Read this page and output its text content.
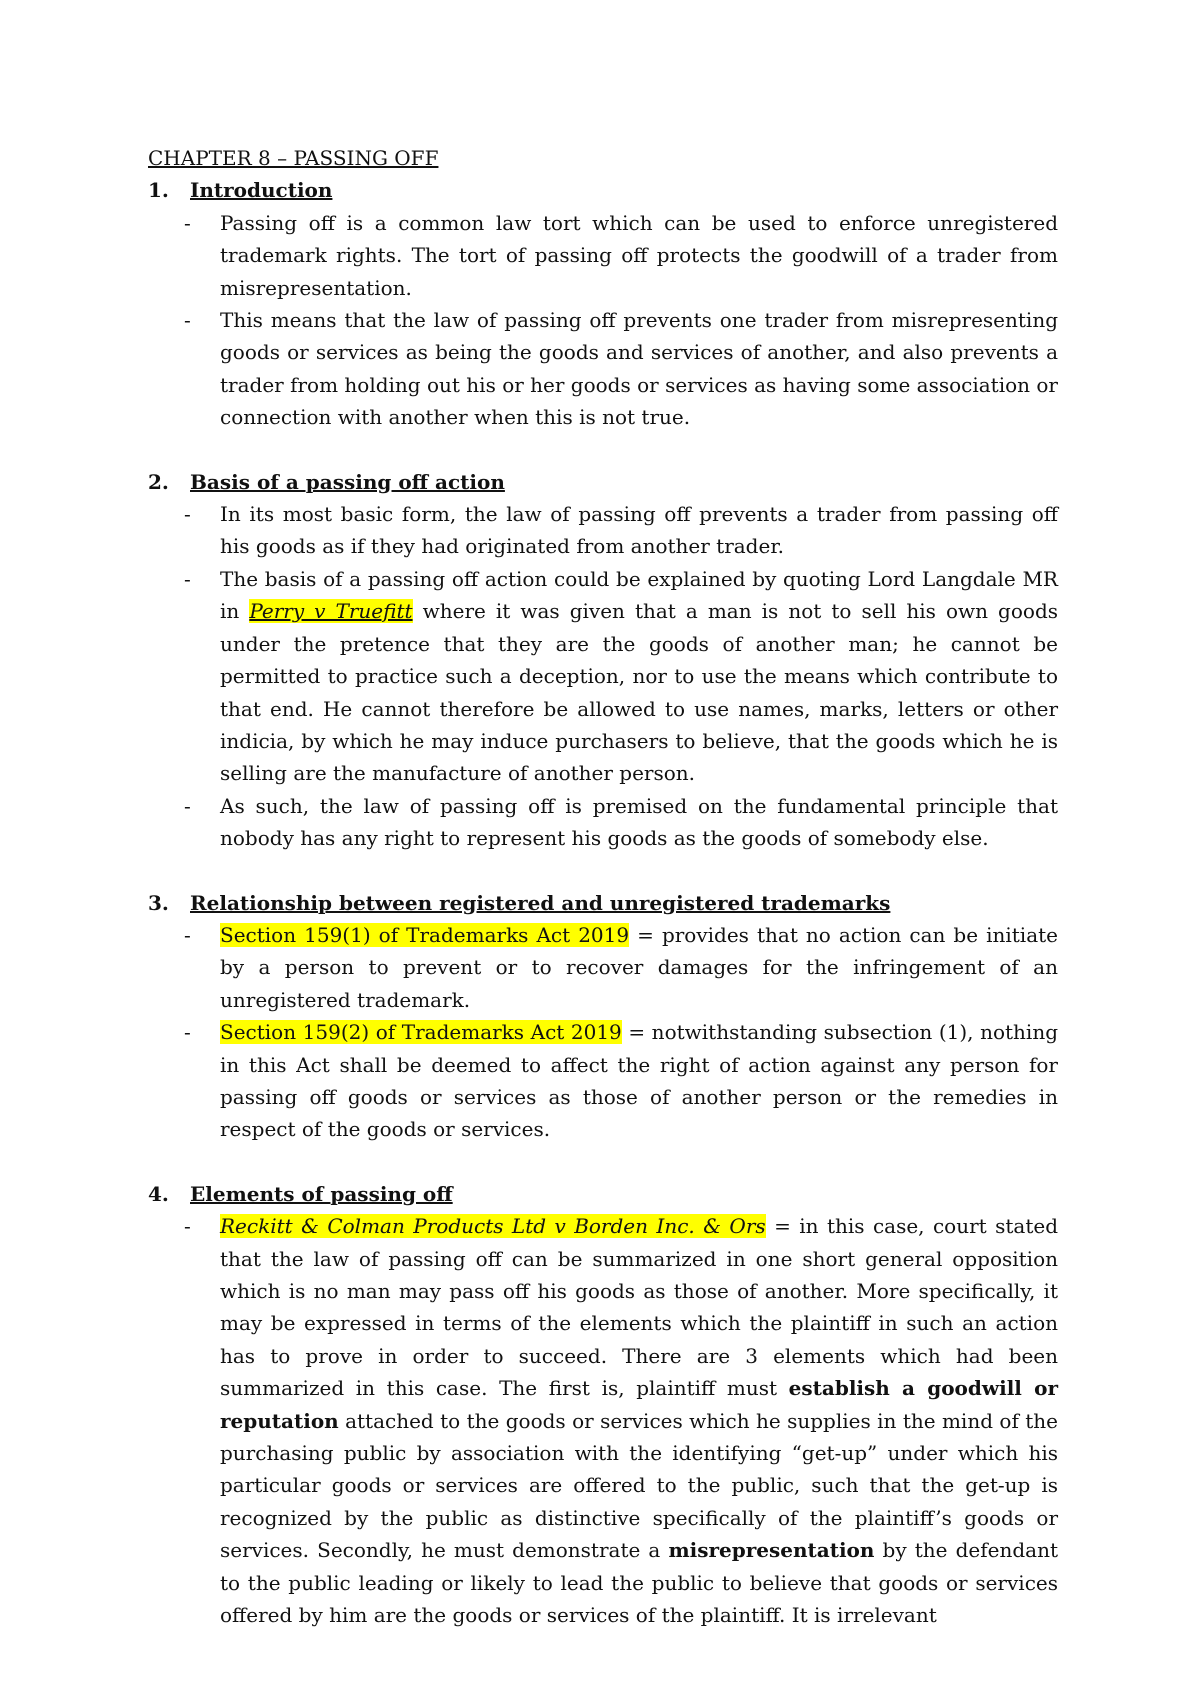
CHAPTER 8 – PASSING OFF

1.	Introduction
- Passing off is a common law tort which can be used to enforce unregistered trademark rights. The tort of passing off protects the goodwill of a trader from misrepresentation.
- This means that the law of passing off prevents one trader from misrepresenting goods or services as being the goods and services of another, and also prevents a trader from holding out his or her goods or services as having some association or connection with another when this is not true.
2.	Basis of a passing off action
- In its most basic form, the law of passing off prevents a trader from passing off his goods as if they had originated from another trader.
- The basis of a passing off action could be explained by quoting Lord Langdale MR in Perry v Truefitt where it was given that a man is not to sell his own goods under the pretence that they are the goods of another man; he cannot be permitted to practice such a deception, nor to use the means which contribute to that end. He cannot therefore be allowed to use names, marks, letters or other indicia, by which he may induce purchasers to believe, that the goods which he is selling are the manufacture of another person.
- As such, the law of passing off is premised on the fundamental principle that nobody has any right to represent his goods as the goods of somebody else.
3.	Relationship between registered and unregistered trademarks
- Section 159(1) of Trademarks Act 2019 = provides that no action can be initiate by a person to prevent or to recover damages for the infringement of an unregistered trademark.
- Section 159(2) of Trademarks Act 2019 = notwithstanding subsection (1), nothing in this Act shall be deemed to affect the right of action against any person for passing off goods or services as those of another person or the remedies in respect of the goods or services.
4.	Elements of passing off
- Reckitt & Colman Products Ltd v Borden Inc. & Ors = in this case, court stated that the law of passing off can be summarized in one short general opposition which is no man may pass off his goods as those of another. More specifically, it may be expressed in terms of the elements which the plaintiff in such an action has to prove in order to succeed. There are 3 elements which had been summarized in this case. The first is, plaintiff must establish a goodwill or reputation attached to the goods or services which he supplies in the mind of the purchasing public by association with the identifying “get-up” under which his particular goods or services are offered to the public, such that the get-up is recognized by the public as distinctive specifically of the plaintiff’s goods or services. Secondly, he must demonstrate a misrepresentation by the defendant to the public leading or likely to lead the public to believe that goods or services offered by him are the goods or services of the plaintiff. It is irrelevant
